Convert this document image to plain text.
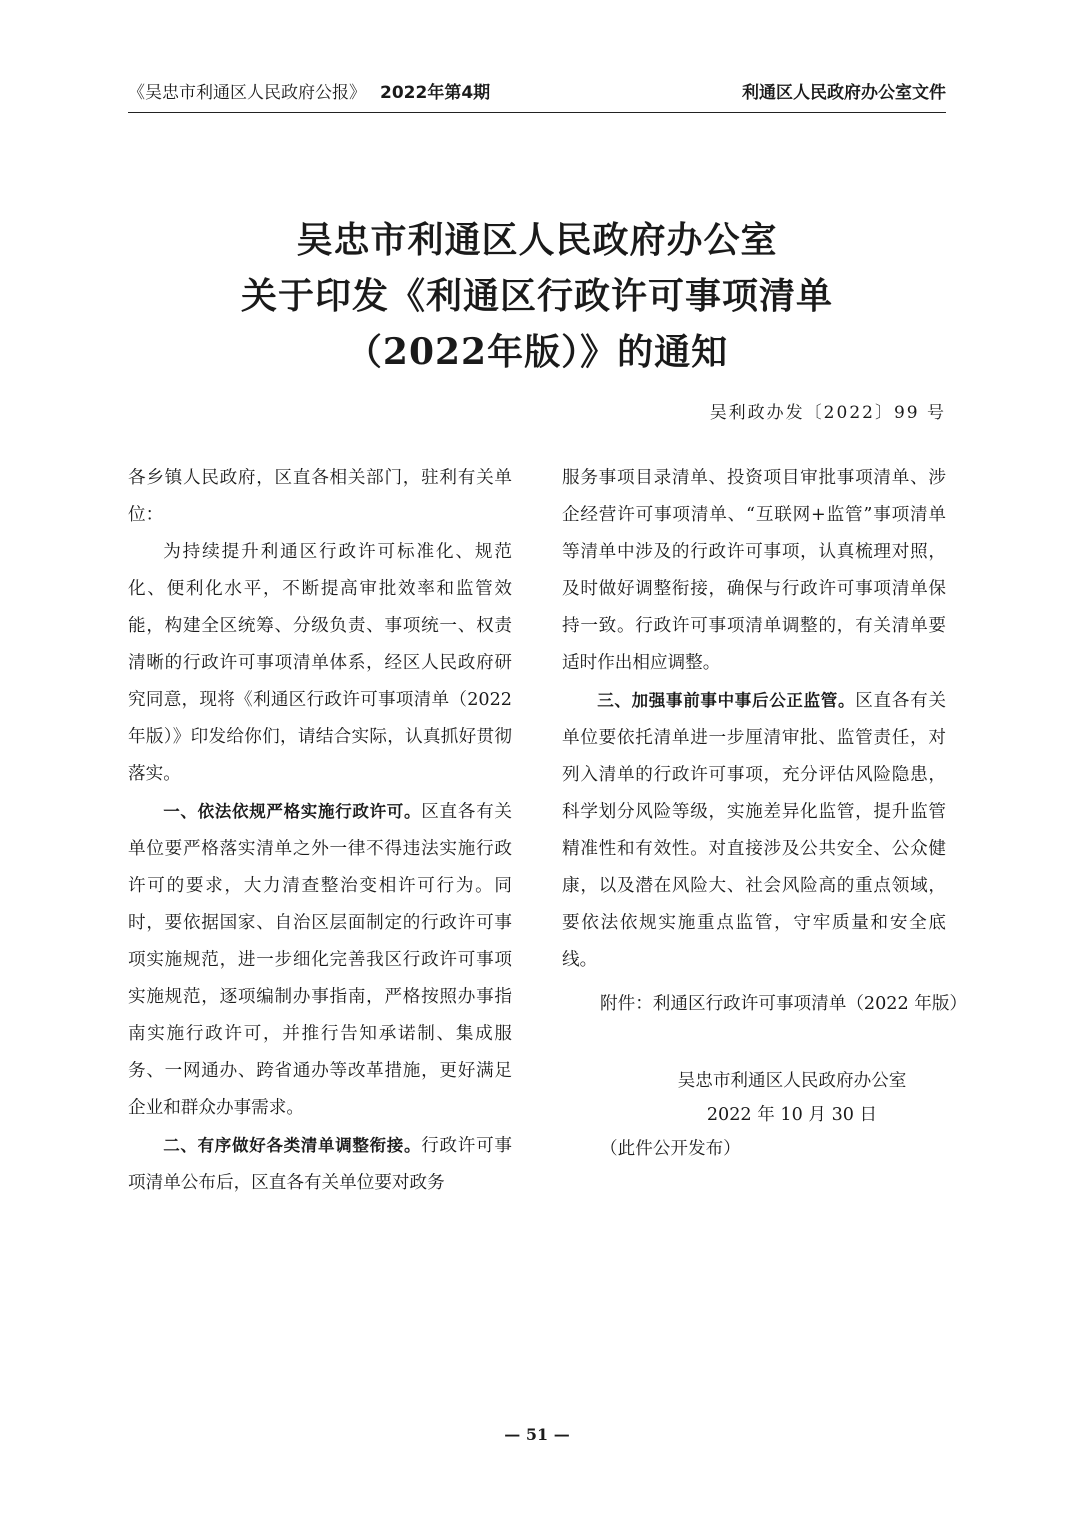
《吴忠市利通区人民政府公报》 2022年第4期	利通区人民政府办公室文件
吴忠市利通区人民政府办公室
关于印发《利通区行政许可事项清单
（2022年版）》的通知
吴利政办发〔2022〕99 号

各乡镇人民政府，区直各相关部门，驻利有关单位：

为持续提升利通区行政许可标准化、规范化、便利化水平，不断提高审批效率和监管效能，构建全区统筹、分级负责、事项统一、权责清晰的行政许可事项清单体系，经区人民政府研究同意，现将《利通区行政许可事项清单（2022 年版）》印发给你们，请结合实际，认真抓好贯彻落实。

一、依法依规严格实施行政许可。区直各有关单位要严格落实清单之外一律不得违法实施行政许可的要求，大力清查整治变相许可行为。同时，要依据国家、自治区层面制定的行政许可事项实施规范，进一步细化完善我区行政许可事项实施规范，逐项编制办事指南，严格按照办事指南实施行政许可，并推行告知承诺制、集成服务、一网通办、跨省通办等改革措施，更好满足企业和群众办事需求。

二、有序做好各类清单调整衔接。行政许可事项清单公布后，区直各有关单位要对政务

服务事项目录清单、投资项目审批事项清单、涉企经营许可事项清单、“互联网+监管”事项清单等清单中涉及的行政许可事项，认真梳理对照，及时做好调整衔接，确保与行政许可事项清单保持一致。行政许可事项清单调整的，有关清单要适时作出相应调整。

三、加强事前事中事后公正监管。区直各有关单位要依托清单进一步厘清审批、监管责任，对列入清单的行政许可事项，充分评估风险隐患，科学划分风险等级，实施差异化监管，提升监管精准性和有效性。对直接涉及公共安全、公众健康，以及潜在风险大、社会风险高的重点领域，要依法依规实施重点监管，守牢质量和安全底线。

附件：利通区行政许可事项清单（2022 年版）
吴忠市利通区人民政府办公室
2022 年 10 月 30 日
（此件公开发布）
— 51 —
